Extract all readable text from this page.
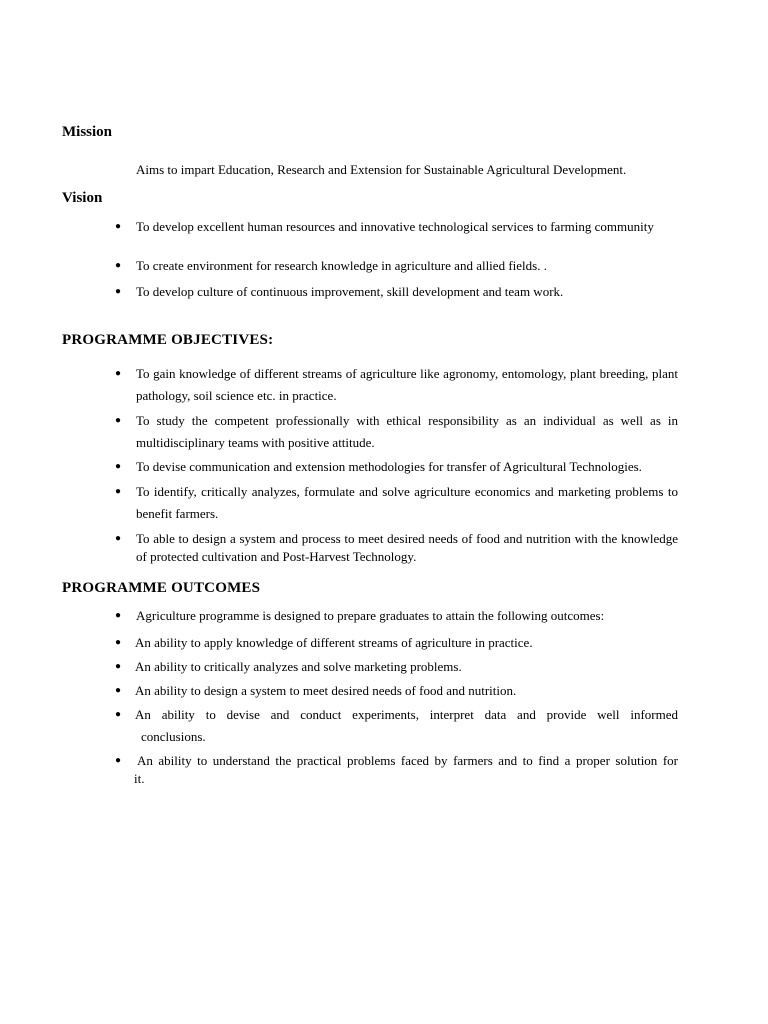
Mission
Aims to impart Education, Research and Extension for Sustainable Agricultural Development.
Vision
●	To develop excellent human resources and innovative technological services to farming community
●	To create environment for research knowledge in agriculture and allied fields. .
●	To develop culture of continuous improvement, skill development and team work.
PROGRAMME OBJECTIVES:
●	To gain knowledge of different streams of agriculture like agronomy, entomology, plant breeding, plant pathology, soil science etc. in practice.
●	To study the competent professionally with ethical responsibility as an individual as well as in multidisciplinary teams with positive attitude.
●	To devise communication and extension methodologies for transfer of Agricultural Technologies.
●	To identify, critically analyzes, formulate and solve agriculture economics and marketing problems to benefit farmers.
●	To able to design a system and process to meet desired needs of food and nutrition with the knowledge of protected cultivation and Post-Harvest Technology.
PROGRAMME OUTCOMES
●	Agriculture programme is designed to prepare graduates to attain the following outcomes:
●	An ability to apply knowledge of different streams of agriculture in practice.
●	An ability to critically analyzes and solve marketing problems.
●	An ability to design a system to meet desired needs of food and nutrition.
●	An ability to devise and conduct experiments, interpret data and provide well informed
conclusions.
●	An ability to understand the practical problems faced by farmers and to find a proper solution for
it.
